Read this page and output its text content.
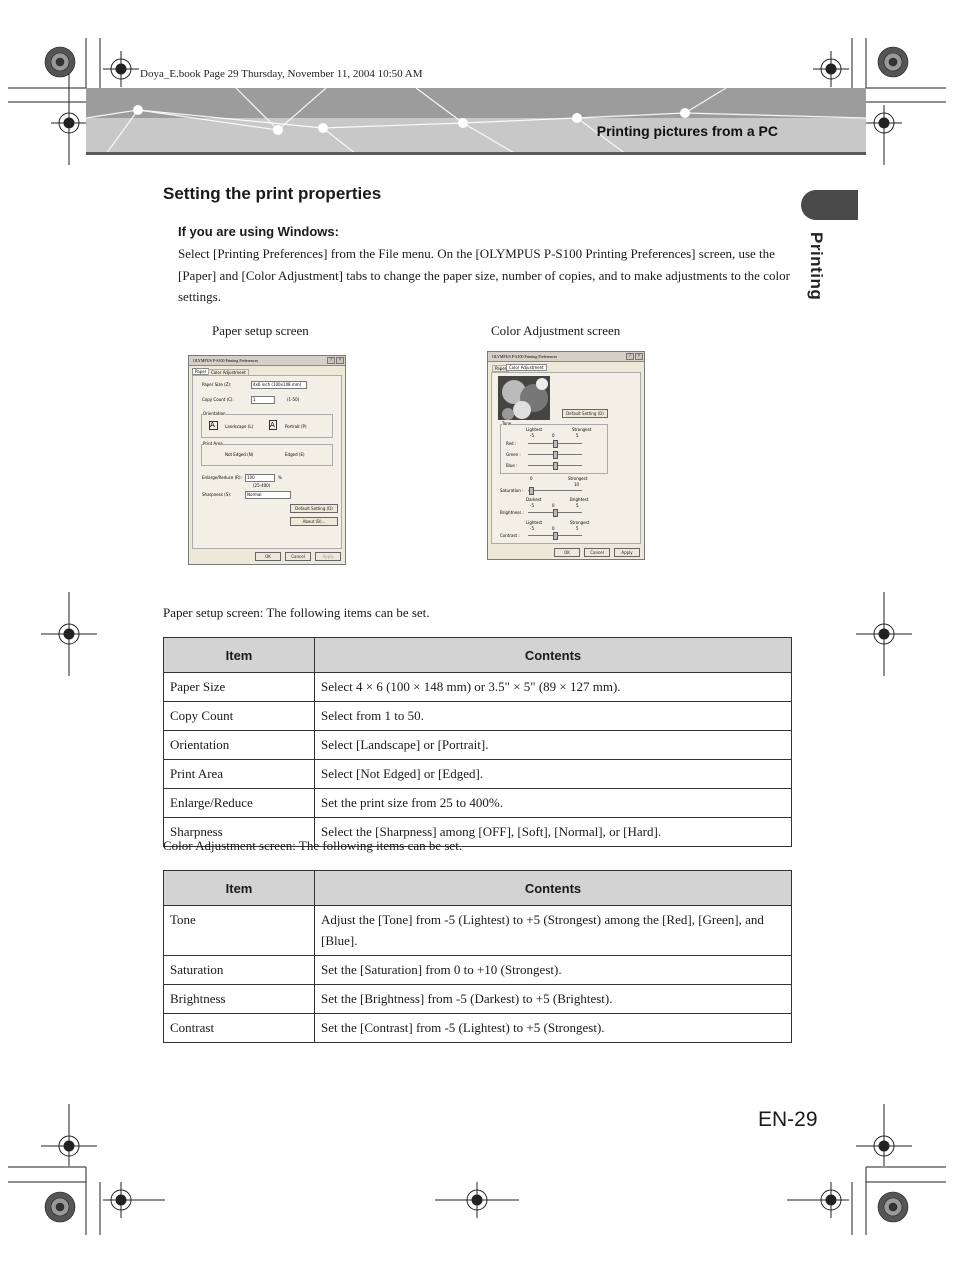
Doya_E.book Page 29 Thursday, November 11, 2004 10:50 AM
Printing pictures from a PC
Printing
Setting the print properties
If you are using Windows:
Select [Printing Preferences] from the File menu. On the [OLYMPUS P-S100 Printing Preferences] screen, use the [Paper] and [Color Adjustment] tabs to change the paper size, number of copies, and to make adjustments to the color settings.
Paper setup screen	Color Adjustment screen
OLYMPUS P-S100 Printing Preferences	?	×
Paper	Color Adjustment
Paper Size (Z):	4x6 inch (100x148 mm)
Copy Count (C):	1	(1-50)
Orientation
A	Landscape (L) A	Portrait (P)
Print Area
Not Edged (N)	Edged (E)
Enlarge/Reduce (R): 100	%
(25-400)
Sharpness (S):	Normal
Default Setting (D)
About (B)...
OK	Cancel	Apply
OLYMPUS P-S100 Printing Preferences	?	×
Paper Color Adjustment
Default Setting (D)
Tone
Lightest	Strongest
-5	0	5
Red :
Green :
Blue :
0	Strongest
10
Saturation :
Darkest	Brightest
-5	0	5
Brightness :
Lightest	Strongest
-5	0	5
Contrast :
OK	Cancel	Apply
Paper setup screen: The following items can be set.
Item	Contents
Paper Size	Select 4 × 6 (100 × 148 mm) or 3.5" × 5" (89 × 127 mm).
Copy Count	Select from 1 to 50.
Orientation	Select [Landscape] or [Portrait].
Print Area	Select [Not Edged] or [Edged].
Enlarge/Reduce	Set the print size from 25 to 400%.
Sharpness	Select the [Sharpness] among [OFF], [Soft], [Normal], or [Hard].
Color Adjustment screen: The following items can be set.
Item	Contents
Tone	Adjust the [Tone] from -5 (Lightest) to +5 (Strongest) among the [Red], [Green], and [Blue].
Saturation	Set the [Saturation] from 0 to +10 (Strongest).
Brightness	Set the [Brightness] from -5 (Darkest) to +5 (Brightest).
Contrast	Set the [Contrast] from -5 (Lightest) to +5 (Strongest).
EN-29
